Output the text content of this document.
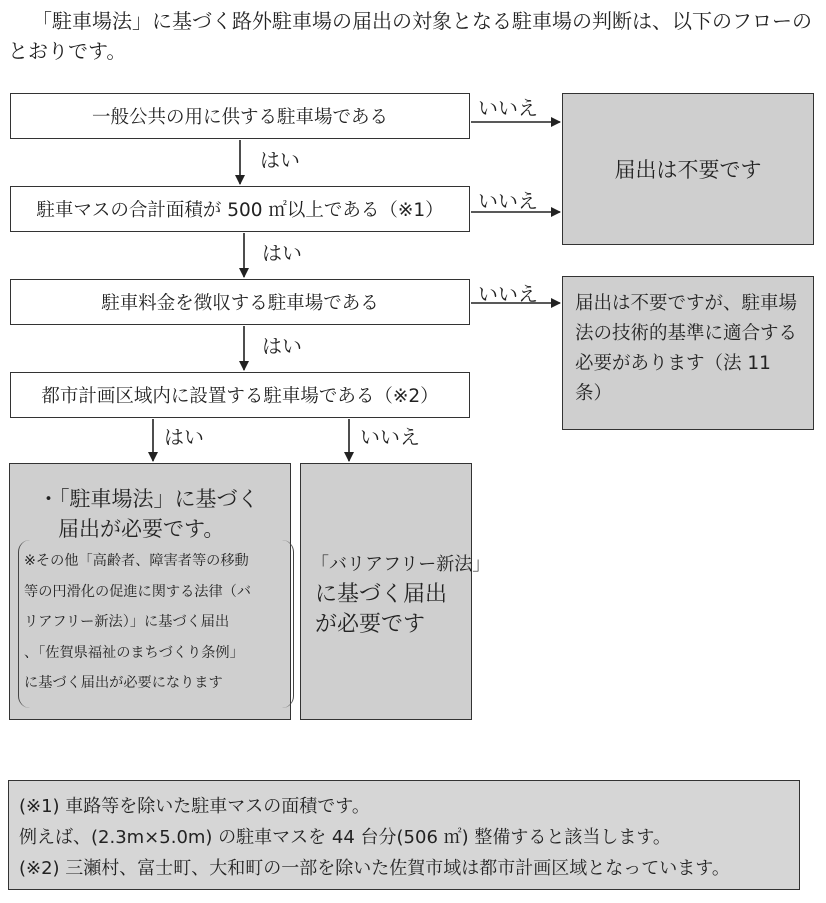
「駐車場法」に基づく路外駐車場の届出の対象となる駐車場の判断は、以下のフローのとおりです。
一般公共の用に供する駐車場である
駐車マスの合計面積が 500 ㎡以上である（※1）
駐車料金を徴収する駐車場である
都市計画区域内に設置する駐車場である（※2）
届出は不要です
届出は不要ですが、駐車場法の技術的基準に適合する必要があります（法 11 条）
・「駐車場法」に基づく
届出が必要です。
※その他「高齢者、障害者等の移動
等の円滑化の促進に関する法律（バ
リアフリー新法）」に基づく届出
、「佐賀県福祉のまちづくり条例」
に基づく届出が必要になります
「バリアフリー新法」
に基づく届出
が必要です
はい
はい
はい
はい
いいえ
いいえ
いいえ
いいえ
(※1) 車路等を除いた駐車マスの面積です。
例えば、(2.3m×5.0m) の駐車マスを 44 台分(506 ㎡) 整備すると該当します。
(※2) 三瀬村、富士町、大和町の一部を除いた佐賀市域は都市計画区域となっています。
